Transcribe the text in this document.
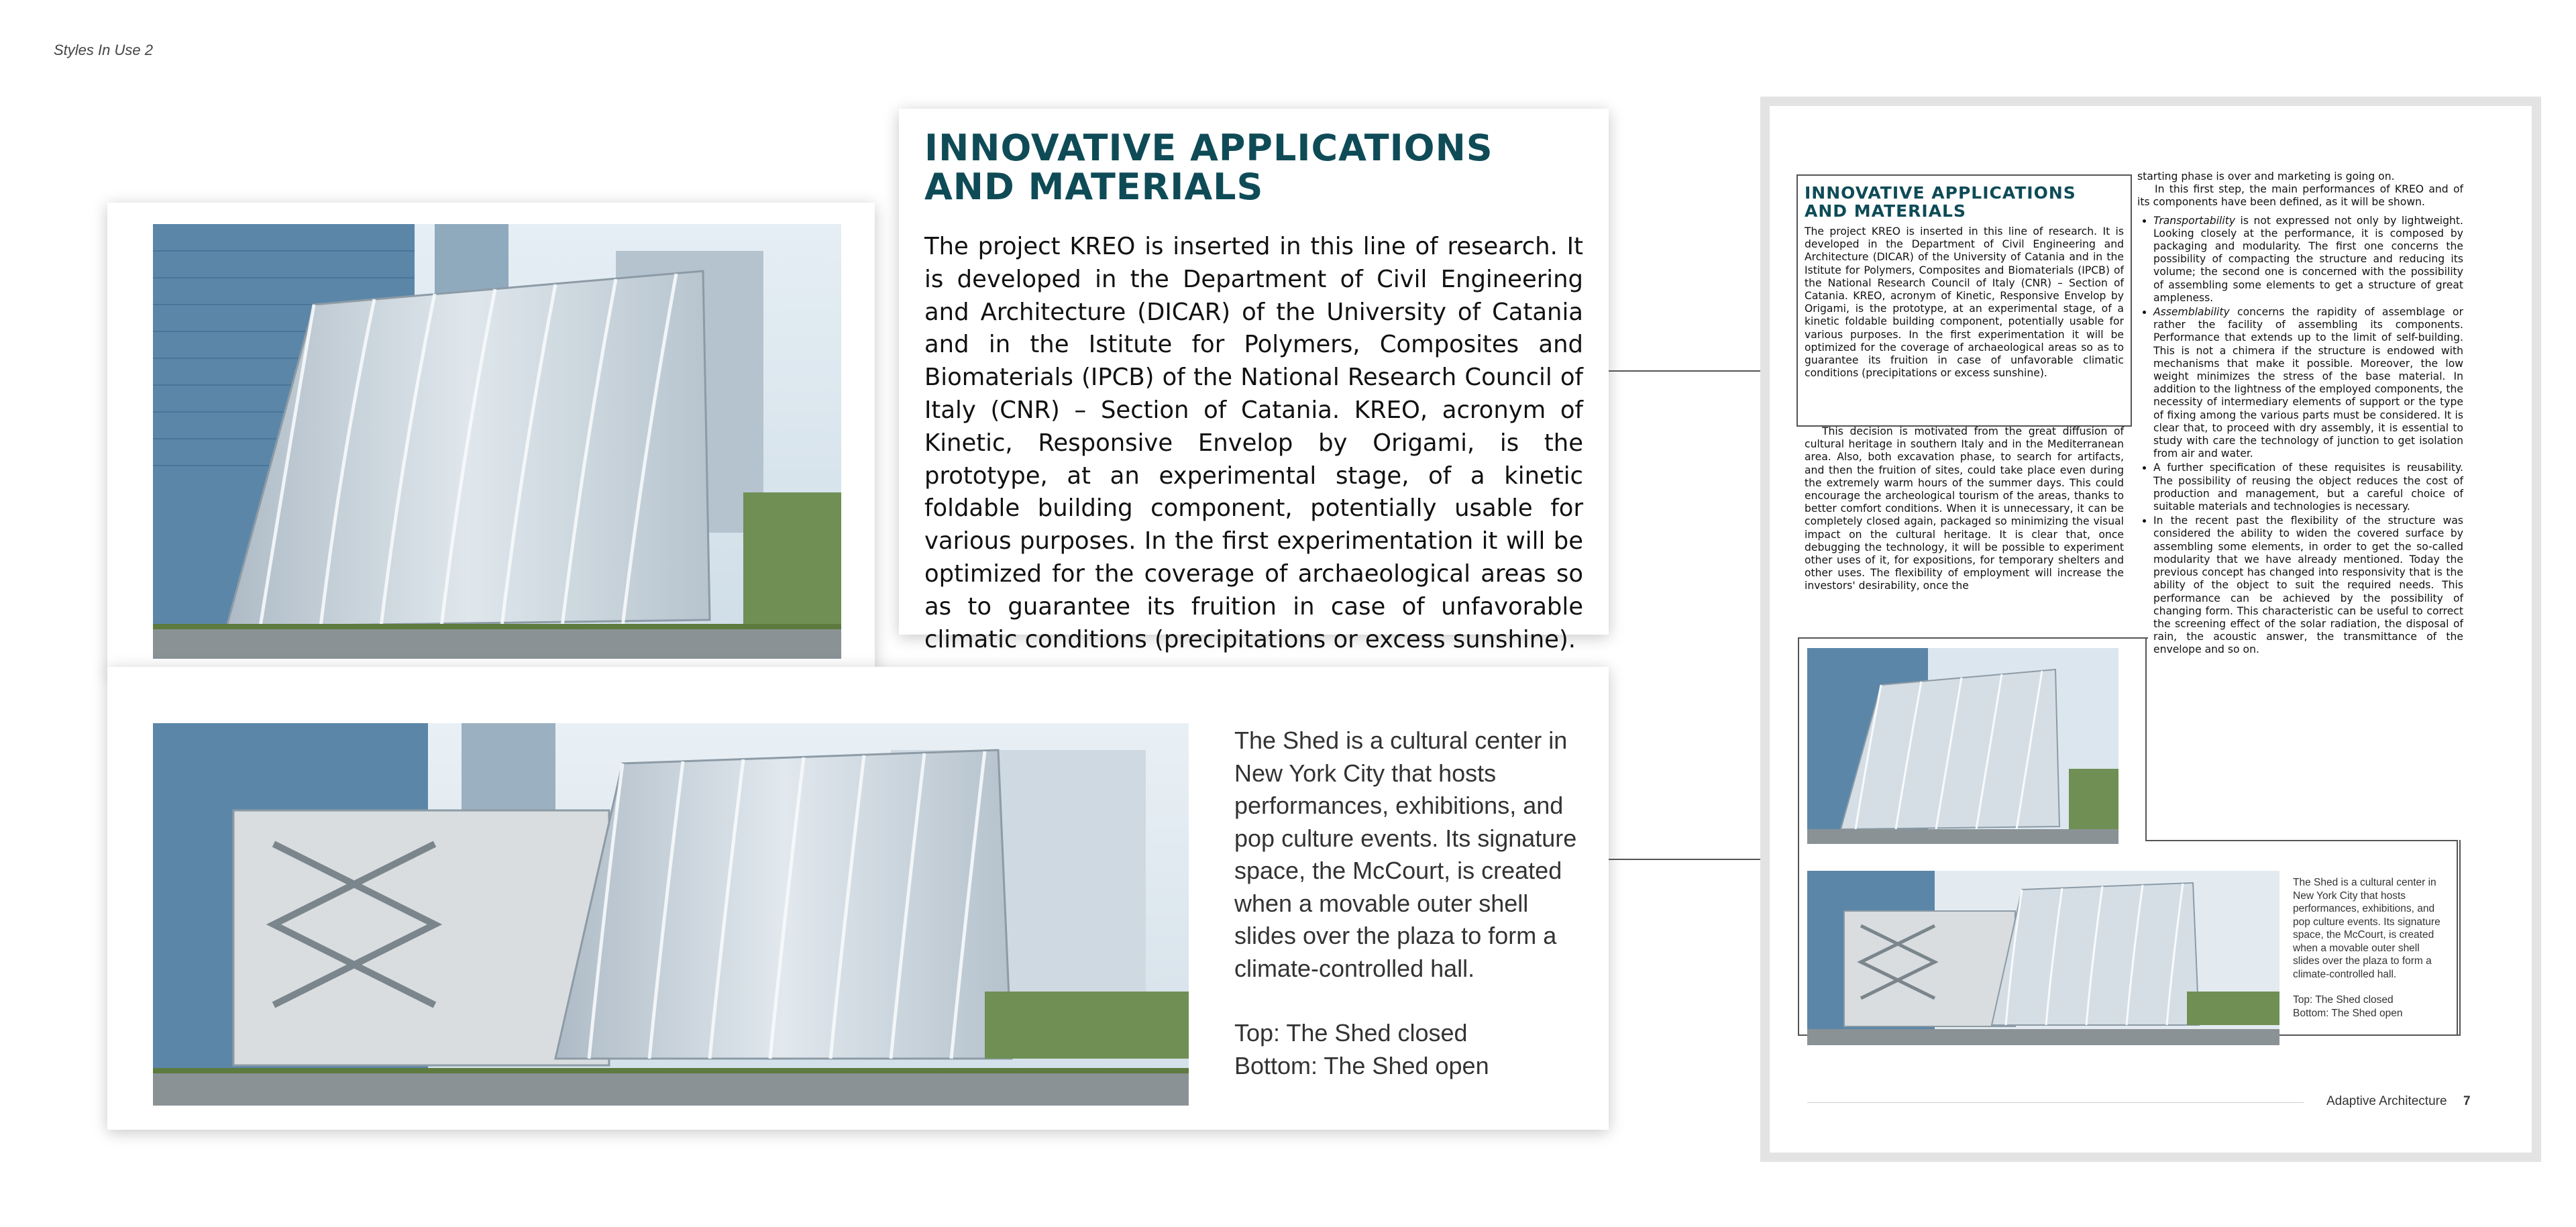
Styles In Use 2
INNOVATIVE APPLICATIONS
AND MATERIALS
The project KREO is inserted in this line of research. It is developed in the Department of Civil Engineering and Architecture (DICAR) of the University of Catania and in the Istitute for Polymers, Composites and Biomaterials (IPCB) of the National Research Council of Italy (CNR) – Section of Catania. KREO, acronym of Kinetic, Responsive Envelop by Origami, is the prototype, at an experimental stage, of a kinetic foldable building component, potentially usable for various purposes. In the first experimentation it will be optimized for the coverage of archaeological areas so as to guarantee its fruition in case of unfavorable climatic conditions (precipitations or excess sunshine).
The Shed is a cultural center in New York City that hosts performances, exhibitions, and pop culture events. Its signature space, the McCourt, is created when a movable outer shell slides over the plaza to form a climate-controlled hall.
Top: The Shed closed
Bottom: The Shed open
INNOVATIVE APPLICATIONS
AND MATERIALS
The project KREO is inserted in this line of research. It is developed in the Department of Civil Engineering and Architecture (DICAR) of the University of Catania and in the Istitute for Polymers, Composites and Biomaterials (IPCB) of the National Research Council of Italy (CNR) – Section of Catania. KREO, acronym of Kinetic, Responsive Envelop by Origami, is the prototype, at an experimental stage, of a kinetic foldable building component, potentially usable for various purposes. In the first experimentation it will be optimized for the coverage of archaeological areas so as to guarantee its fruition in case of unfavorable climatic conditions (precipitations or excess sunshine).
This decision is motivated from the great diffusion of cultural heritage in southern Italy and in the Mediterranean area. Also, both excavation phase, to search for artifacts, and then the fruition of sites, could take place even during the extremely warm hours of the summer days. This could encourage the archeological tourism of the areas, thanks to better comfort conditions. When it is unnecessary, it can be completely closed again, packaged so minimizing the visual impact on the cultural heritage. It is clear that, once debugging the technology, it will be possible to experiment other uses of it, for expositions, for temporary shelters and other uses. The flexibility of employment will increase the investors' desirability, once the
starting phase is over and marketing is going on.
In this first step, the main performances of KREO and of its components have been defined, as it will be shown.
• Transportability is not expressed not only by lightweight. Looking closely at the performance, it is composed by packaging and modularity. The first one concerns the possibility of compacting the structure and reducing its volume; the second one is concerned with the possibility of assembling some elements to get a structure of great ampleness.
• Assemblability concerns the rapidity of assemblage or rather the facility of assembling its components. Performance that extends up to the limit of self-building. This is not a chimera if the structure is endowed with mechanisms that make it possible. Moreover, the low weight minimizes the stress of the base material. In addition to the lightness of the employed components, the necessity of intermediary elements of support or the type of fixing among the various parts must be considered. It is clear that, to proceed with dry assembly, it is essential to study with care the technology of junction to get isolation from air and water.
• A further specification of these requisites is reusability. The possibility of reusing the object reduces the cost of production and management, but a careful choice of suitable materials and technologies is necessary.
• In the recent past the flexibility of the structure was considered the ability to widen the covered surface by assembling some elements, in order to get the so-called modularity that we have already mentioned. Today the previous concept has changed into responsivity that is the ability of the object to suit the required needs. This performance can be achieved by the possibility of changing form. This characteristic can be useful to correct the screening effect of the solar radiation, the disposal of rain, the acoustic answer, the transmittance of the envelope and so on.
The Shed is a cultural center in New York City that hosts performances, exhibitions, and pop culture events. Its signature space, the McCourt, is created when a movable outer shell slides over the plaza to form a climate-controlled hall.
Top: The Shed closed
Bottom: The Shed open
Adaptive Architecture 7
